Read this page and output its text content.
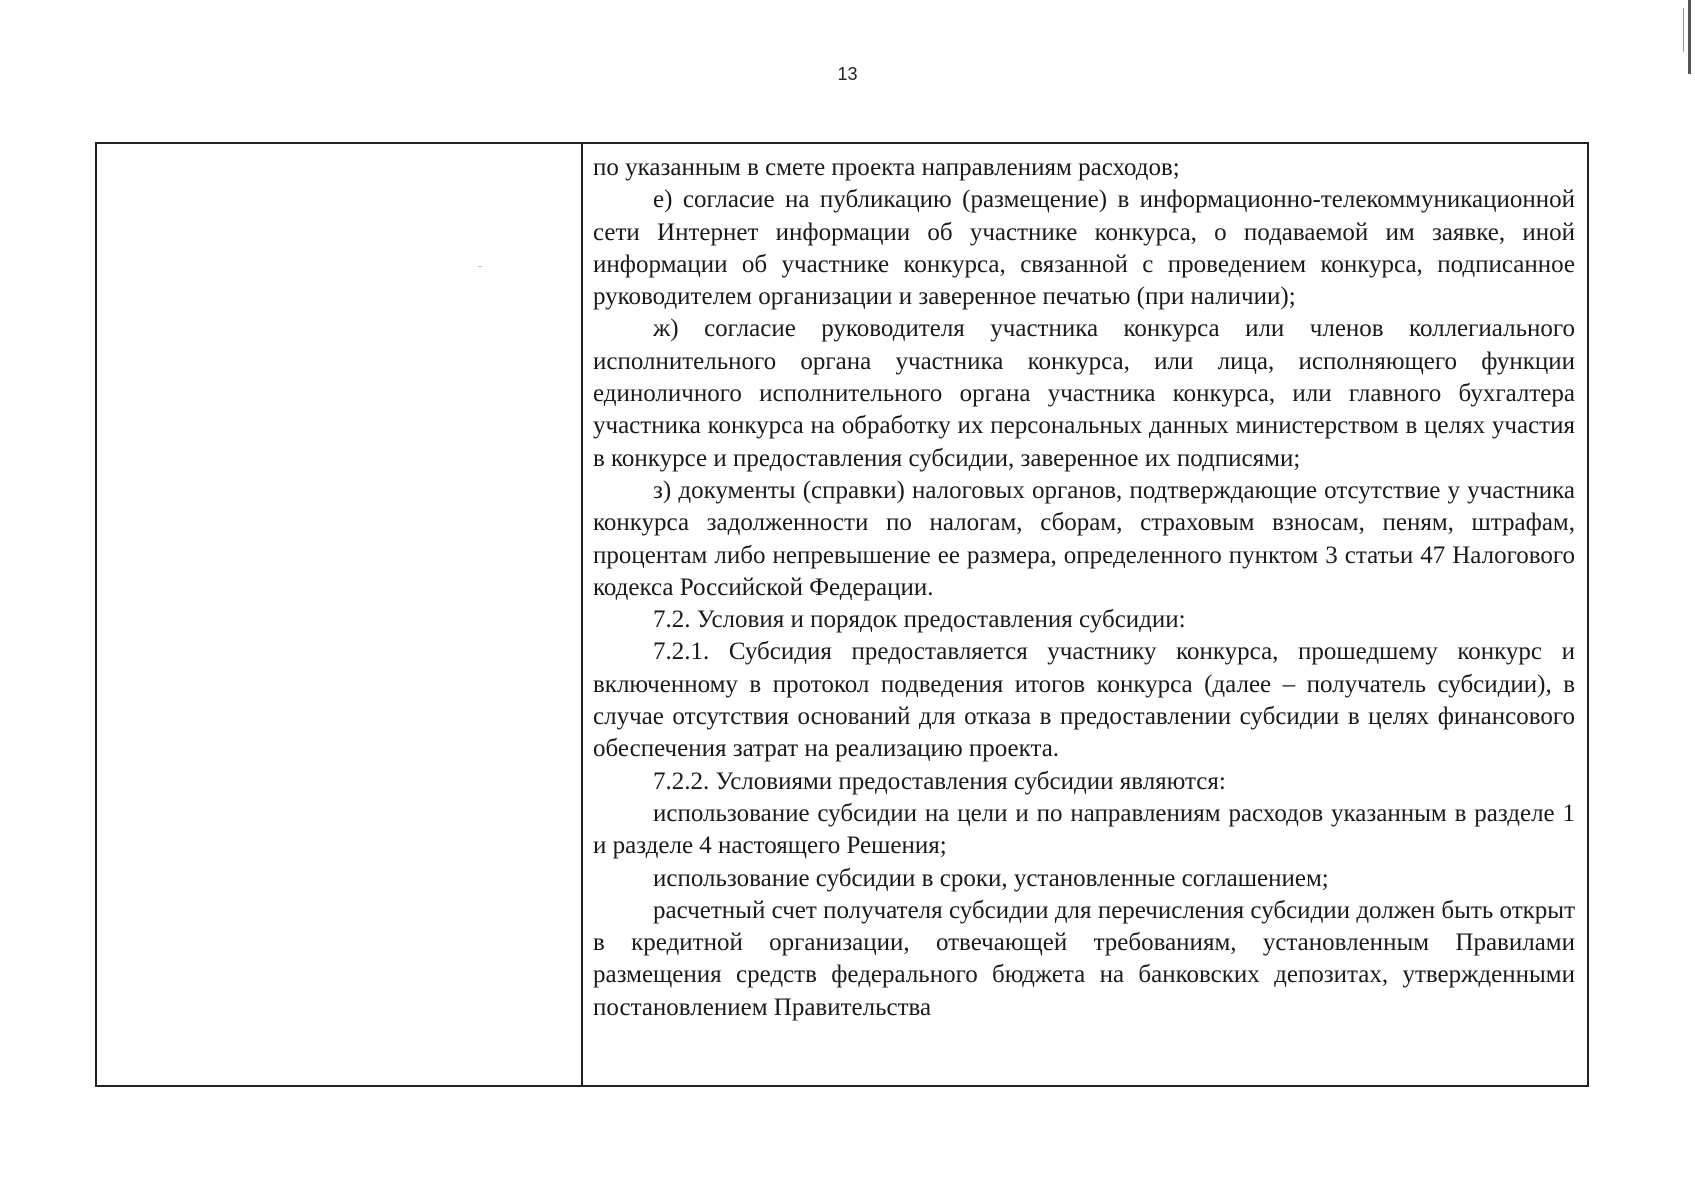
13

по указанным в смете проекта направлениям расходов;

е) согласие на публикацию (размещение) в информационно-телекоммуникационной сети Интернет информации об участнике конкурса, о подаваемой им заявке, иной информации об участнике конкурса, связанной с проведением конкурса, подписанное руководителем организации и заверенное печатью (при наличии);

ж) согласие руководителя участника конкурса или членов коллегиального исполнительного органа участника конкурса, или лица, исполняющего функции единоличного исполнительного органа участника конкурса, или главного бухгалтера участника конкурса на обработку их персональных данных министерством в целях участия в конкурсе и предоставления субсидии, заверенное их подписями;

з) документы (справки) налоговых органов, подтверждающие отсутствие у участника конкурса задолженности по налогам, сборам, страховым взносам, пеням, штрафам, процентам либо непревышение ее размера, определенного пунктом 3 статьи 47 Налогового кодекса Российской Федерации.

7.2. Условия и порядок предоставления субсидии:

7.2.1. Субсидия предоставляется участнику конкурса, прошедшему конкурс и включенному в протокол подведения итогов конкурса (далее – получатель субсидии), в случае отсутствия оснований для отказа в предоставлении субсидии в целях финансового обеспечения затрат на реализацию проекта.

7.2.2. Условиями предоставления субсидии являются:

использование субсидии на цели и по направлениям расходов указанным в разделе 1 и разделе 4 настоящего Решения;

использование субсидии в сроки, установленные соглашением;

расчетный счет получателя субсидии для перечисления субсидии должен быть открыт в кредитной организации, отвечающей требованиям, установленным Правилами размещения средств федерального бюджета на банковских депозитах, утвержденными постановлением Правительства
